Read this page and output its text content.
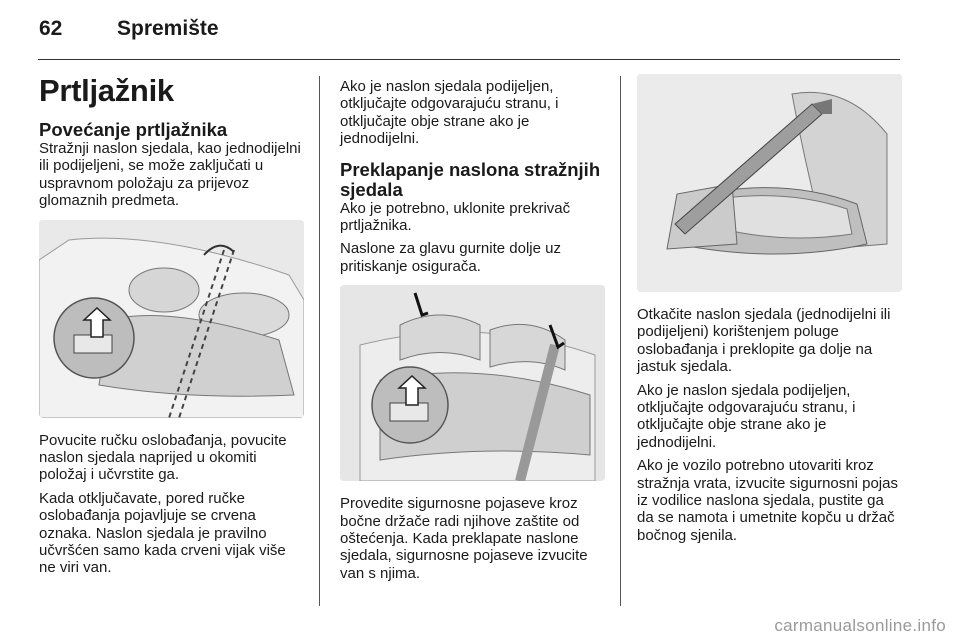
62	Spremište
Prtljažnik
Povećanje prtljažnika

Stražnji naslon sjedala, kao jednodijelni ili podijeljeni, se može zaključati u uspravnom položaju za prijevoz glomaznih predmeta.

Povucite ručku oslobađanja, povucite naslon sjedala naprijed u okomiti položaj i učvrstite ga.

Kada otključavate, pored ručke oslobađanja pojavljuje se crvena oznaka. Naslon sjedala je pravilno učvršćen samo kada crveni vijak više ne viri van.

Ako je naslon sjedala podijeljen, otključajte odgovarajuću stranu, i otključajte obje strane ako je jednodijelni.

Preklapanje naslona stražnjih sjedala

Ako je potrebno, uklonite prekrivač prtljažnika.

Naslone za glavu gurnite dolje uz pritiskanje osigurača.

Provedite sigurnosne pojaseve kroz bočne držače radi njihove zaštite od oštećenja. Kada preklapate naslone sjedala, sigurnosne pojaseve izvucite van s njima.

Otkačite naslon sjedala (jednodijelni ili podijeljeni) korištenjem poluge oslobađanja i preklopite ga dolje na jastuk sjedala.

Ako je naslon sjedala podijeljen, otključajte odgovarajuću stranu, i otključajte obje strane ako je jednodijelni.

Ako je vozilo potrebno utovariti kroz stražnja vrata, izvucite sigurnosni pojas iz vodilice naslona sjedala, pustite ga da se namota i umetnite kopču u držač bočnog sjenila.

carmanualsonline.info
